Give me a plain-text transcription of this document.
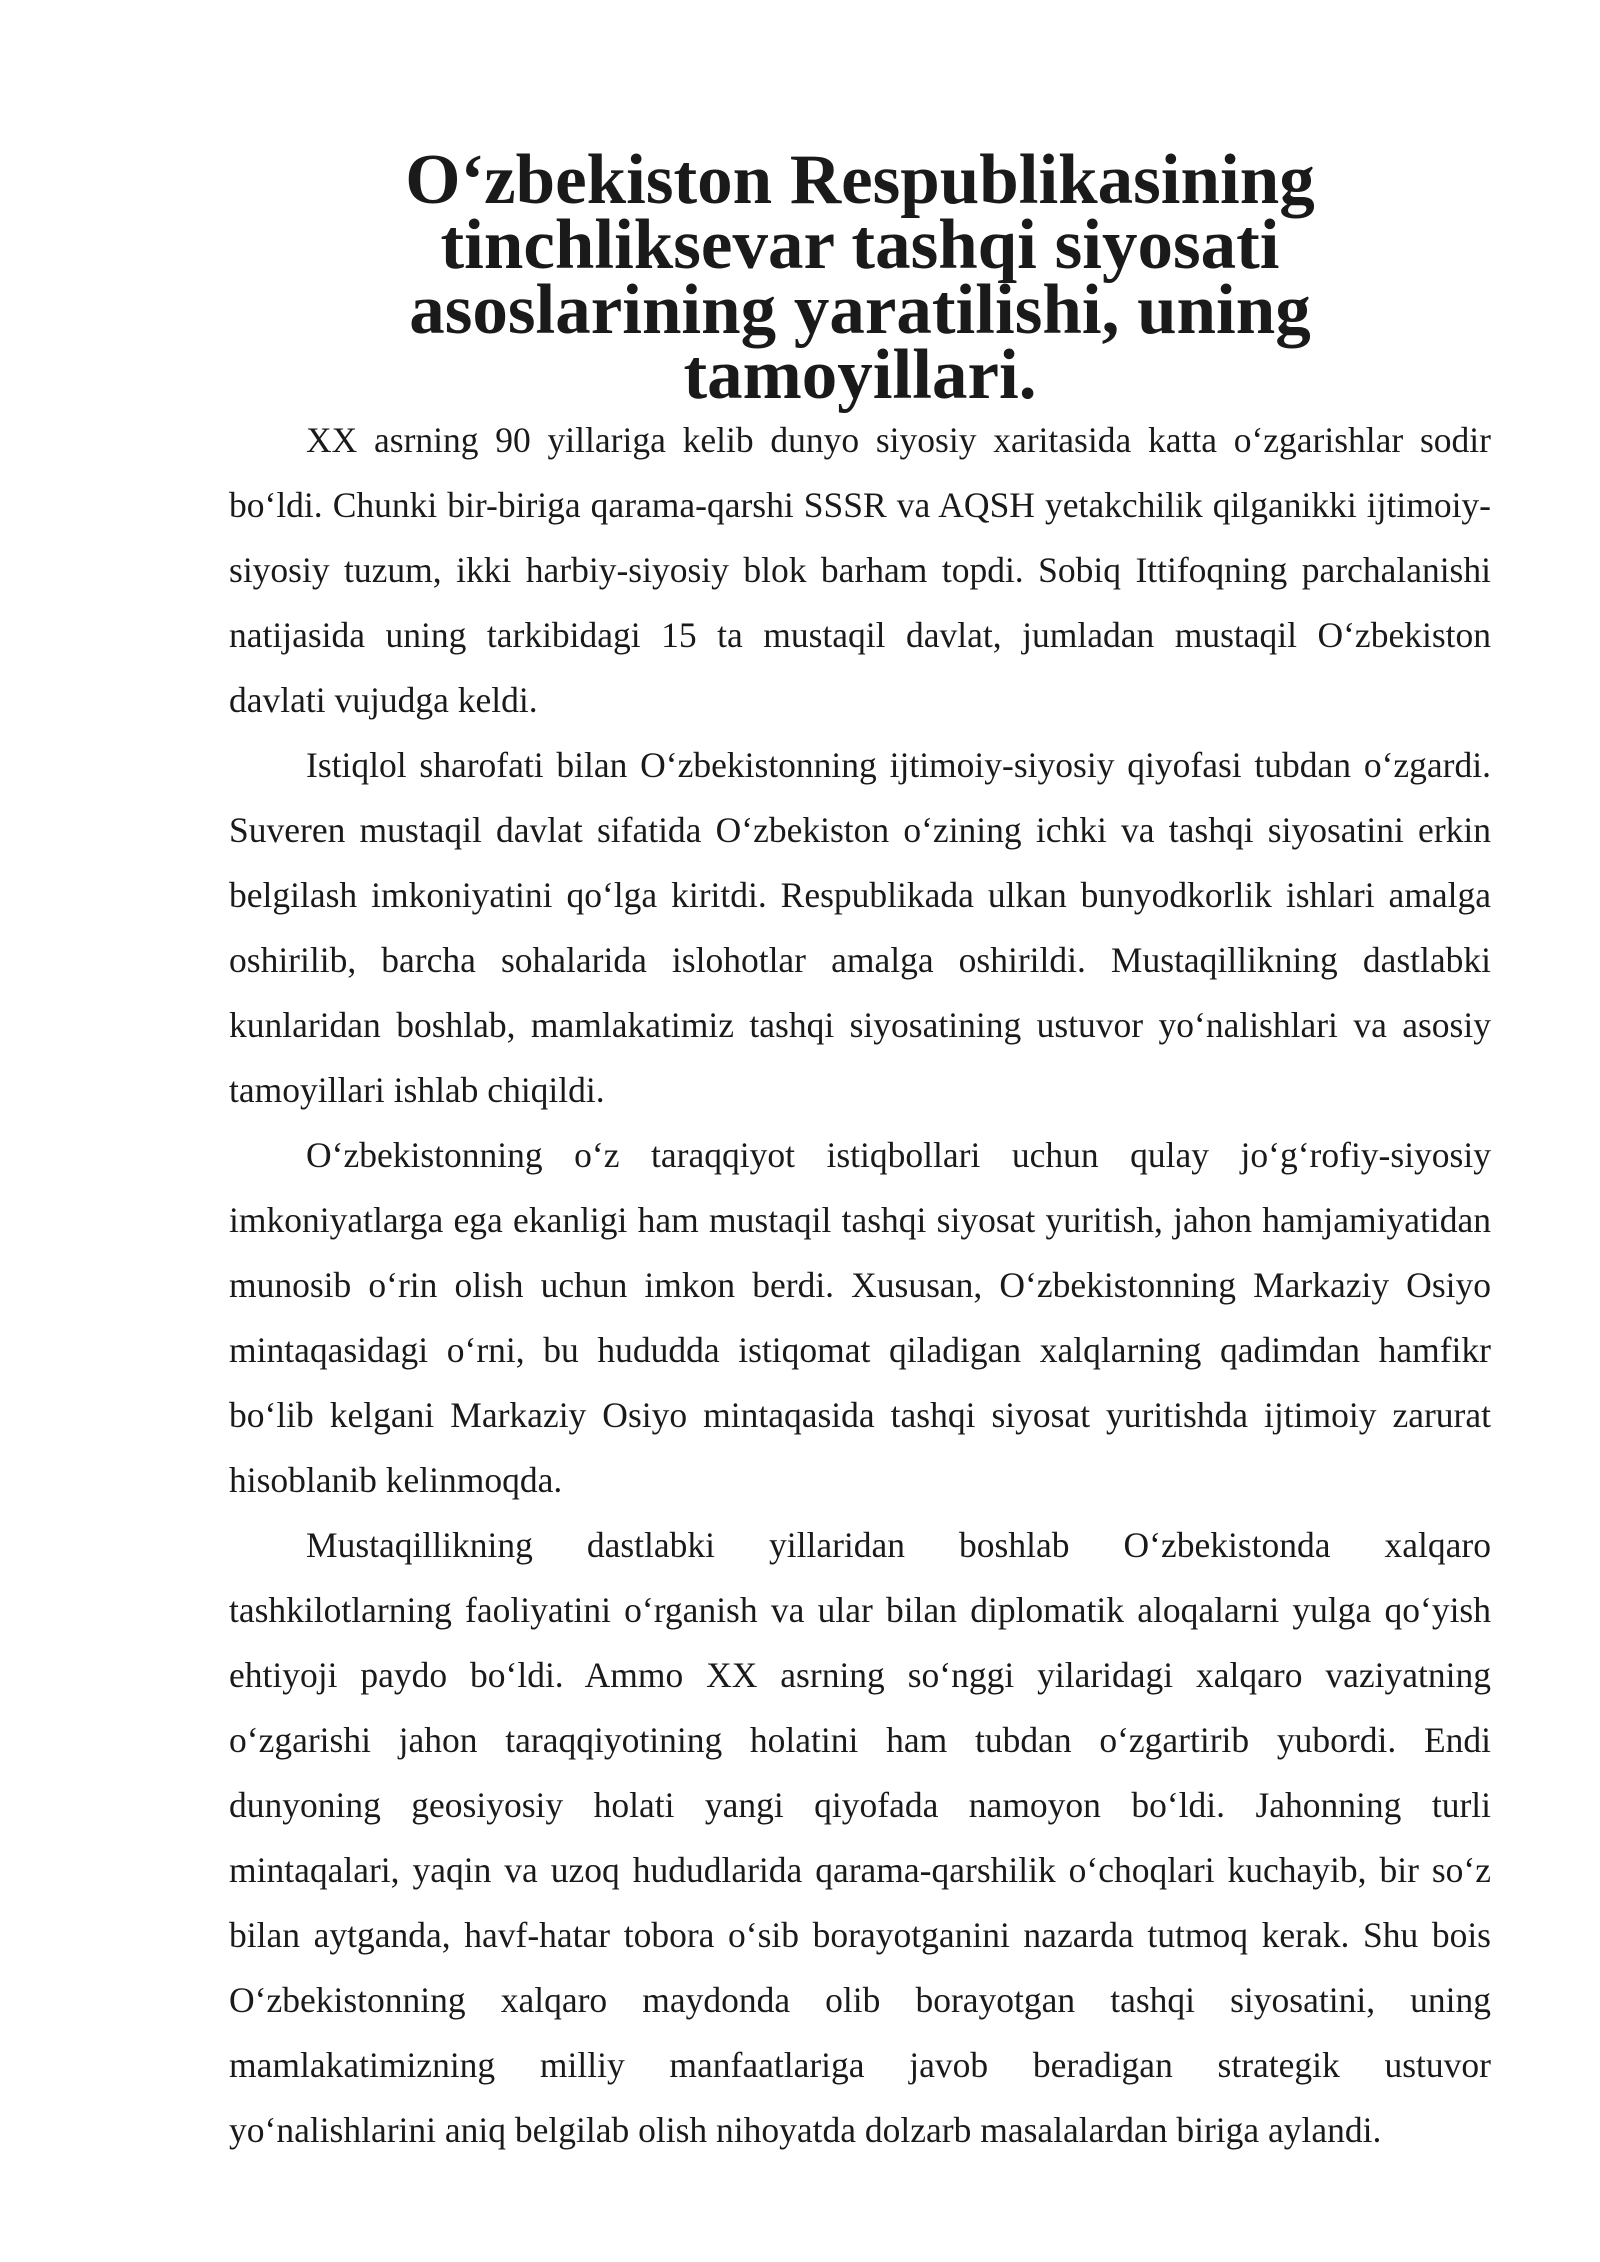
O‘zbekiston Respublikasining tinchliksevar tashqi siyosati asoslarining yaratilishi, uning tamoyillari.

XX asrning 90 yillariga kelib dunyo siyosiy xaritasida katta o‘zgarishlar sodir bo‘ldi. Chunki bir-biriga qarama-qarshi SSSR va AQSH yetakchilik qilganikki ijtimoiy-siyosiy tuzum, ikki harbiy-siyosiy blok barham topdi. Sobiq Ittifoqning parchalanishi natijasida uning tarkibidagi 15 ta mustaqil davlat, jumladan mustaqil O‘zbekiston davlati vujudga keldi.

Istiqlol sharofati bilan O‘zbekistonning ijtimoiy-siyosiy qiyofasi tubdan o‘zgardi. Suveren mustaqil davlat sifatida O‘zbekiston o‘zining ichki va tashqi siyosatini erkin belgilash imkoniyatini qo‘lga kiritdi. Respublikada ulkan bunyodkorlik ishlari amalga oshirilib, barcha sohalarida islohotlar amalga oshirildi. Mustaqillikning dastlabki kunlaridan boshlab, mamlakatimiz tashqi siyosatining ustuvor yo‘nalishlari va asosiy tamoyillari ishlab chiqildi.

O‘zbekistonning o‘z taraqqiyot istiqbollari uchun qulay jo‘g‘rofiy-siyosiy imkoniyatlarga ega ekanligi ham mustaqil tashqi siyosat yuritish, jahon hamjamiyatidan munosib o‘rin olish uchun imkon berdi. Xususan, O‘zbekistonning Markaziy Osiyo mintaqasidagi o‘rni, bu hududda istiqomat qiladigan xalqlarning qadimdan hamfikr bo‘lib kelgani Markaziy Osiyo mintaqasida tashqi siyosat yuritishda ijtimoiy zarurat hisoblanib kelinmoqda.

Mustaqillikning dastlabki yillaridan boshlab O‘zbekistonda xalqaro tashkilotlarning faoliyatini o‘rganish va ular bilan diplomatik aloqalarni yulga qo‘yish ehtiyoji paydo bo‘ldi. Ammo XX asrning so‘nggi yilaridagi xalqaro vaziyatning o‘zgarishi jahon taraqqiyotining holatini ham tubdan o‘zgartirib yubordi. Endi dunyoning geosiyosiy holati yangi qiyofada namoyon bo‘ldi. Jahonning turli mintaqalari, yaqin va uzoq hududlarida qarama-qarshilik o‘choqlari kuchayib, bir so‘z bilan aytganda, havf-hatar tobora o‘sib borayotganini nazarda tutmoq kerak. Shu bois O‘zbekistonning xalqaro maydonda olib borayotgan tashqi siyosatini, uning mamlakatimizning milliy manfaatlariga javob beradigan strategik ustuvor yo‘nalishlarini aniq belgilab olish nihoyatda dolzarb masalalardan biriga aylandi.
